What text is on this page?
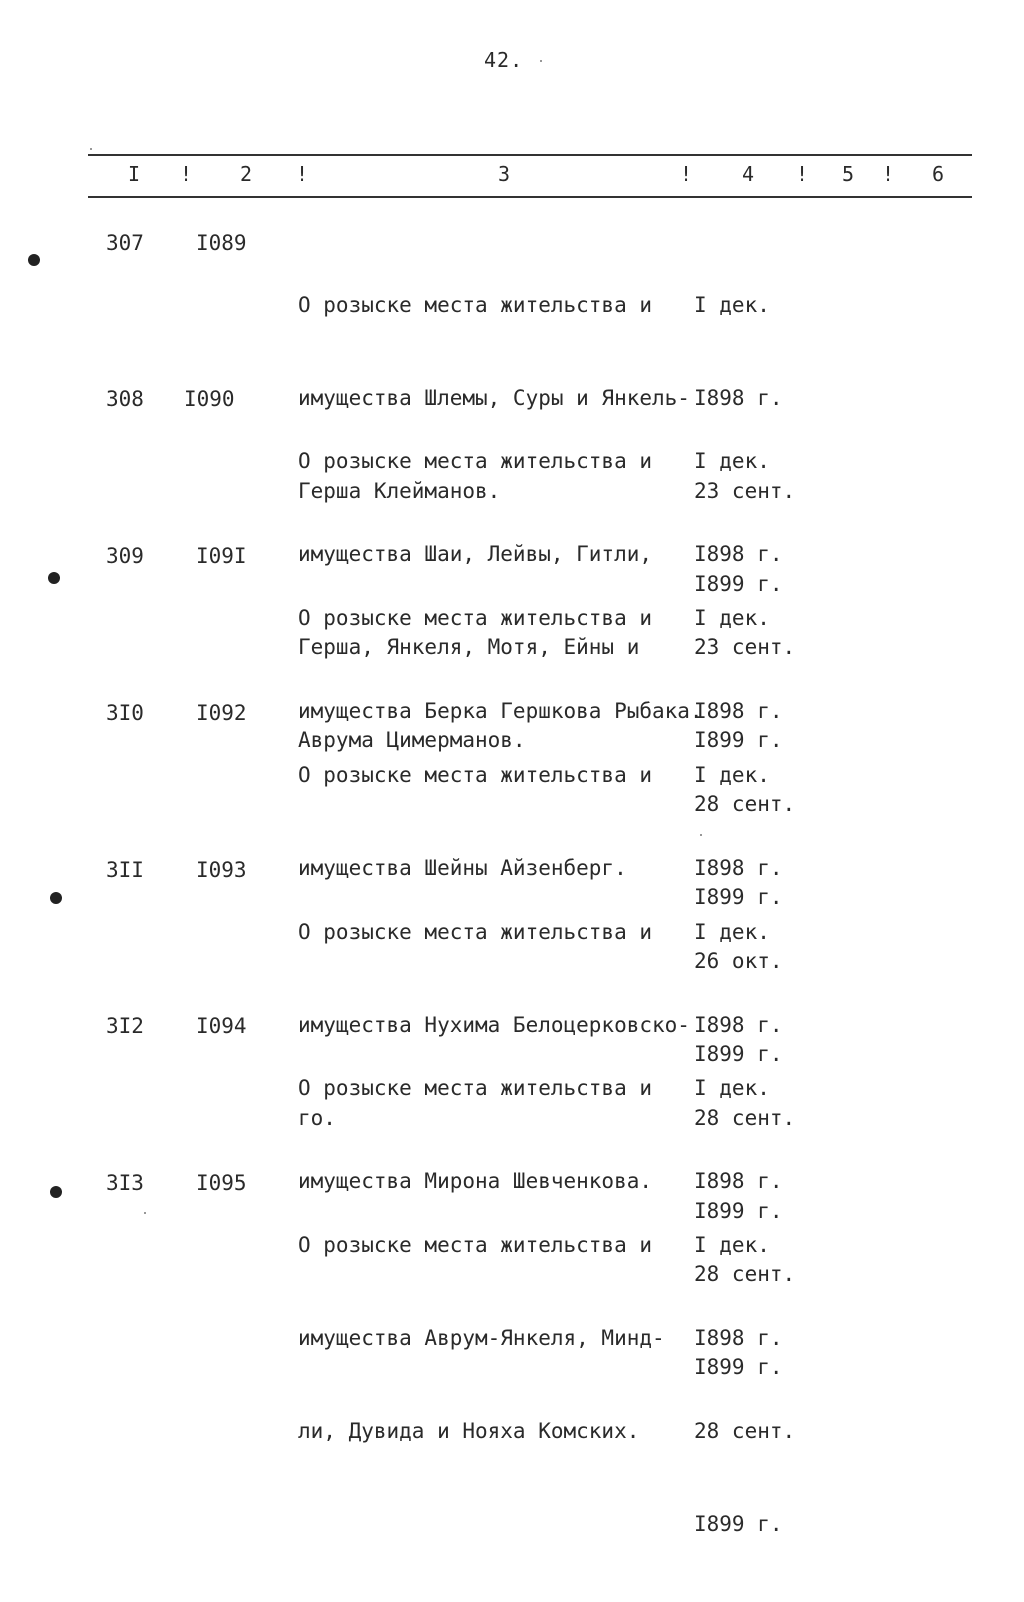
42.
I ! 2 !	3	! 4 ! 5 ! 6
307 I089

О розыске места жительства и

имущества Шлемы, Суры и Янкель-

Герша Клейманов.

I дек.

I898 г.

23 сент.

I899 г.

308 I090

О розыске места жительства и

имущества Шаи, Лейвы, Гитли,

Герша, Янкеля, Мотя, Ейны и

Аврума Цимерманов.

I дек.

I898 г.

23 сент.

I899 г.

309 I09I

О розыске места жительства и

имущества Берка Гершкова Рыбака.

I дек.

I898 г.

28 сент.

I899 г.

3I0 I092

О розыске места жительства и

имущества Шейны Айзенберг.

I дек.

I898 г.

26 окт.

I899 г.

3II I093

О розыске места жительства и

имущества Нухима Белоцерковско-

го.

I дек.

I898 г.

28 сент.

I899 г.

3I2 I094

О розыске места жительства и

имущества Мирона Шевченкова.

I дек.

I898 г.

28 сент.

I899 г.

3I3 I095

О розыске места жительства и

имущества Аврум-Янкеля, Минд-

ли, Дувида и Нояха Комских.

I дек.

I898 г.

28 сент.

I899 г.
